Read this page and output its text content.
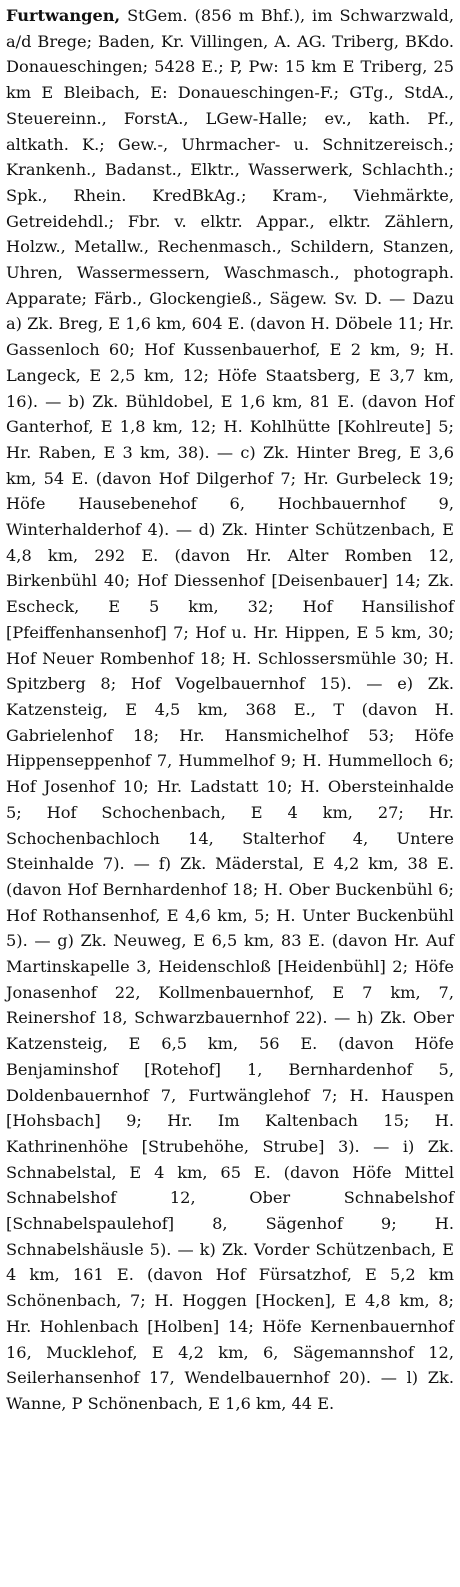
Furtwangen, StGem. (856 m Bhf.), im Schwarzwald, a/d Brege; Baden, Kr. Villingen, A. AG. Triberg, BKdo. Donaueschingen; 5428 E.; P, Pw: 15 km E Triberg, 25 km E Bleibach, E: Donaueschingen-F.; GTg., StdA., Steuereinn., ForstA., LGew-Halle; ev., kath. Pf., altkath. K.; Gew.-, Uhrmacher- u. Schnitzereisch.; Krankenh., Badanst., Elktr., Wasserwerk, Schlachth.; Spk., Rhein. KredBkAg.; Kram-, Viehmärkte, Getreidehdl.; Fbr. v. elktr. Appar., elktr. Zählern, Holzw., Metallw., Rechenmasch., Schildern, Stanzen, Uhren, Wassermessern, Waschmasch., photograph. Apparate; Färb., Glockengieß., Sägew. Sv. D. — Dazu a) Zk. Breg, E 1,6 km, 604 E. (davon H. Döbele 11; Hr. Gassenloch 60; Hof Kussenbauerhof, E 2 km, 9; H. Langeck, E 2,5 km, 12; Höfe Staatsberg, E 3,7 km, 16). — b) Zk. Bühldobel, E 1,6 km, 81 E. (davon Hof Ganterhof, E 1,8 km, 12; H. Kohlhütte [Kohlreute] 5; Hr. Raben, E 3 km, 38). — c) Zk. Hinter Breg, E 3,6 km, 54 E. (davon Hof Dilgerhof 7; Hr. Gurbeleck 19; Höfe Hausebenehof 6, Hochbauernhof 9, Winterhalderhof 4). — d) Zk. Hinter Schützenbach, E 4,8 km, 292 E. (davon Hr. Alter Romben 12, Birkenbühl 40; Hof Diessenhof [Deisenbauer] 14; Zk. Escheck, E 5 km, 32; Hof Hansilishof [Pfeiffenhansenhof] 7; Hof u. Hr. Hippen, E 5 km, 30; Hof Neuer Rombenhof 18; H. Schlossersmühle 30; H. Spitzberg 8; Hof Vogelbauernhof 15). — e) Zk. Katzensteig, E 4,5 km, 368 E., T (davon H. Gabrielenhof 18; Hr. Hansmichelhof 53; Höfe Hippenseppenhof 7, Hummelhof 9; H. Hummelloch 6; Hof Josenhof 10; Hr. Ladstatt 10; H. Obersteinhalde 5; Hof Schochenbach, E 4 km, 27; Hr. Schochenbachloch 14, Stalterhof 4, Untere Steinhalde 7). — f) Zk. Mäderstal, E 4,2 km, 38 E. (davon Hof Bernhardenhof 18; H. Ober Buckenbühl 6; Hof Rothansenhof, E 4,6 km, 5; H. Unter Buckenbühl 5). — g) Zk. Neuweg, E 6,5 km, 83 E. (davon Hr. Auf Martinskapelle 3, Heidenschloß [Heidenbühl] 2; Höfe Jonasenhof 22, Kollmenbauernhof, E 7 km, 7, Reinershof 18, Schwarzbauernhof 22). — h) Zk. Ober Katzensteig, E 6,5 km, 56 E. (davon Höfe Benjaminshof [Rotehof] 1, Bernhardenhof 5, Doldenbauernhof 7, Furtwänglehof 7; H. Hauspen [Hohsbach] 9; Hr. Im Kaltenbach 15; H. Kathrinenhöhe [Strubehöhe, Strube] 3). — i) Zk. Schnabelstal, E 4 km, 65 E. (davon Höfe Mittel Schnabelshof 12, Ober Schnabelshof [Schnabelspaulehof] 8, Sägenhof 9; H. Schnabelshäusle 5). — k) Zk. Vorder Schützenbach, E 4 km, 161 E. (davon Hof Fürsatzhof, E 5,2 km Schönenbach, 7; H. Hoggen [Hocken], E 4,8 km, 8; Hr. Hohlenbach [Holben] 14; Höfe Kernenbauernhof 16, Mucklehof, E 4,2 km, 6, Sägemannshof 12, Seilerhansenhof 17, Wendelbauernhof 20). — l) Zk. Wanne, P Schönenbach, E 1,6 km, 44 E.
